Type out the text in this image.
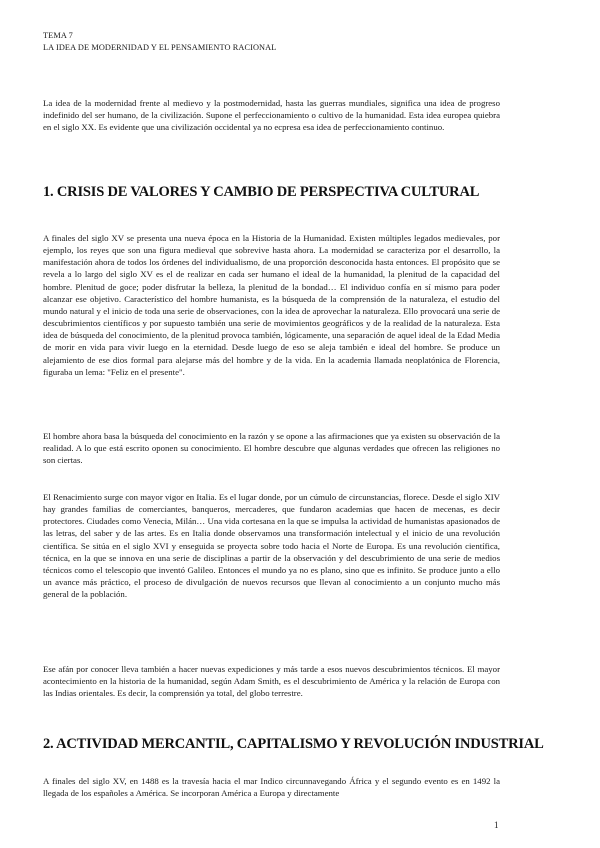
TEMA 7
LA IDEA DE MODERNIDAD Y EL PENSAMIENTO RACIONAL

La idea de la modernidad frente al medievo y la postmodernidad, hasta las guerras mundiales, significa una idea de progreso indefinido del ser humano, de la civilización. Supone el perfeccionamiento o cultivo de la humanidad. Esta idea europea quiebra en el siglo XX. Es evidente que una civilización occidental ya no ecpresa esa idea de perfeccionamiento continuo.

1. CRISIS DE VALORES Y CAMBIO DE PERSPECTIVA CULTURAL

A finales del siglo XV se presenta una nueva época en la Historia de la Humanidad. Existen múltiples legados medievales, por ejemplo, los reyes que son una figura medieval que sobrevive hasta ahora. La modernidad se caracteriza por el desarrollo, la manifestación ahora de todos los órdenes del individualismo, de una proporción desconocida hasta entonces. El propósito que se revela a lo largo del siglo XV es el de realizar en cada ser humano el ideal de la humanidad, la plenitud de la capacidad del hombre. Plenitud de goce; poder disfrutar la belleza, la plenitud de la bondad… El individuo confía en sí mismo para poder alcanzar ese objetivo. Característico del hombre humanista, es la búsqueda de la comprensión de la naturaleza, el estudio del mundo natural y el inicio de toda una serie de observaciones, con la idea de aprovechar la naturaleza. Ello provocará una serie de descubrimientos científicos y por supuesto también una serie de movimientos geográficos y de la realidad de la naturaleza. Esta idea de búsqueda del conocimiento, de la plenitud provoca también, lógicamente, una separación de aquel ideal de la Edad Media de morir en vida para vivir luego en la eternidad. Desde luego de eso se aleja también e ideal del hombre. Se produce un alejamiento de ese dios formal para alejarse más del hombre y de la vida. En la academia llamada neoplatónica de Florencia, figuraba un lema: "Feliz en el presente".

El hombre ahora basa la búsqueda del conocimiento en la razón y se opone a las afirmaciones que ya existen su observación de la realidad. A lo que está escrito oponen su conocimiento. El hombre descubre que algunas verdades que ofrecen las religiones no son ciertas.

El Renacimiento surge con mayor vigor en Italia. Es el lugar donde, por un cúmulo de circunstancias, florece. Desde el siglo XIV hay grandes familias de comerciantes, banqueros, mercaderes, que fundaron academias que hacen de mecenas, es decir protectores. Ciudades como Venecia, Milán… Una vida cortesana en la que se impulsa la actividad de humanistas apasionados de las letras, del saber y de las artes. Es en Italia donde observamos una transformación intelectual y el inicio de una revolución científica. Se sitúa en el siglo XVI y enseguida se proyecta sobre todo hacia el Norte de Europa. Es una revolución científica, técnica, en la que se innova en una serie de disciplinas a partir de la observación y del descubrimiento de una serie de medios técnicos como el telescopio que inventó Galileo. Entonces el mundo ya no es plano, sino que es infinito. Se produce junto a ello un avance más práctico, el proceso de divulgación de nuevos recursos que llevan al conocimiento a un conjunto mucho más general de la población.

Ese afán por conocer lleva también a hacer nuevas expediciones y más tarde a esos nuevos descubrimientos técnicos. El mayor acontecimiento en la historia de la humanidad, según Adam Smith, es el descubrimiento de América y la relación de Europa con las Indias orientales. Es decir, la comprensión ya total, del globo terrestre.

2. ACTIVIDAD MERCANTIL, CAPITALISMO Y REVOLUCIÓN INDUSTRIAL

A finales del siglo XV, en 1488 es la travesía hacia el mar Indico circunnavegando África y el segundo evento es en 1492 la llegada de los españoles a América. Se incorporan América a Europa y directamente

1
